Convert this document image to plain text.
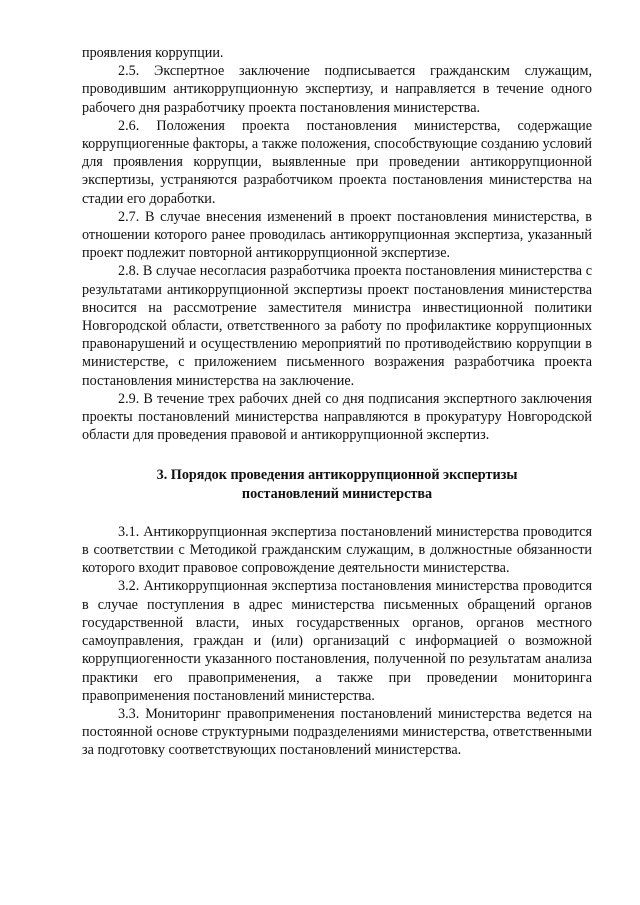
проявления коррупции.

2.5. Экспертное заключение подписывается гражданским служащим, проводившим антикоррупционную экспертизу, и направляется в течение одного рабочего дня разработчику проекта постановления министерства.

2.6. Положения проекта постановления министерства, содержащие коррупциогенные факторы, а также положения, способствующие созданию условий для проявления коррупции, выявленные при проведении антикоррупционной экспертизы, устраняются разработчиком проекта постановления министерства на стадии его доработки.

2.7. В случае внесения изменений в проект постановления министерства, в отношении которого ранее проводилась антикоррупционная экспертиза, указанный проект подлежит повторной антикоррупционной экспертизе.

2.8. В случае несогласия разработчика проекта постановления министерства с результатами антикоррупционной экспертизы проект постановления министерства вносится на рассмотрение заместителя министра инвестиционной политики Новгородской области, ответственного за работу по профилактике коррупционных правонарушений и осуществлению мероприятий по противодействию коррупции в министерстве, с приложением письменного возражения разработчика проекта постановления министерства на заключение.

2.9. В течение трех рабочих дней со дня подписания экспертного заключения проекты постановлений министерства направляются в прокуратуру Новгородской области для проведения правовой и антикоррупционной экспертиз.

3. Порядок проведения антикоррупционной экспертизы
постановлений министерства

3.1. Антикоррупционная экспертиза постановлений министерства проводится в соответствии с Методикой гражданским служащим, в должностные обязанности которого входит правовое сопровождение деятельности министерства.

3.2. Антикоррупционная экспертиза постановления министерства проводится в случае поступления в адрес министерства письменных обращений органов государственной власти, иных государственных органов, органов местного самоуправления, граждан и (или) организаций с информацией о возможной коррупциогенности указанного постановления, полученной по результатам анализа практики его правоприменения, а также при проведении мониторинга правоприменения постановлений министерства.

3.3. Мониторинг правоприменения постановлений министерства ведется на постоянной основе структурными подразделениями министерства, ответственными за подготовку соответствующих постановлений министерства.
